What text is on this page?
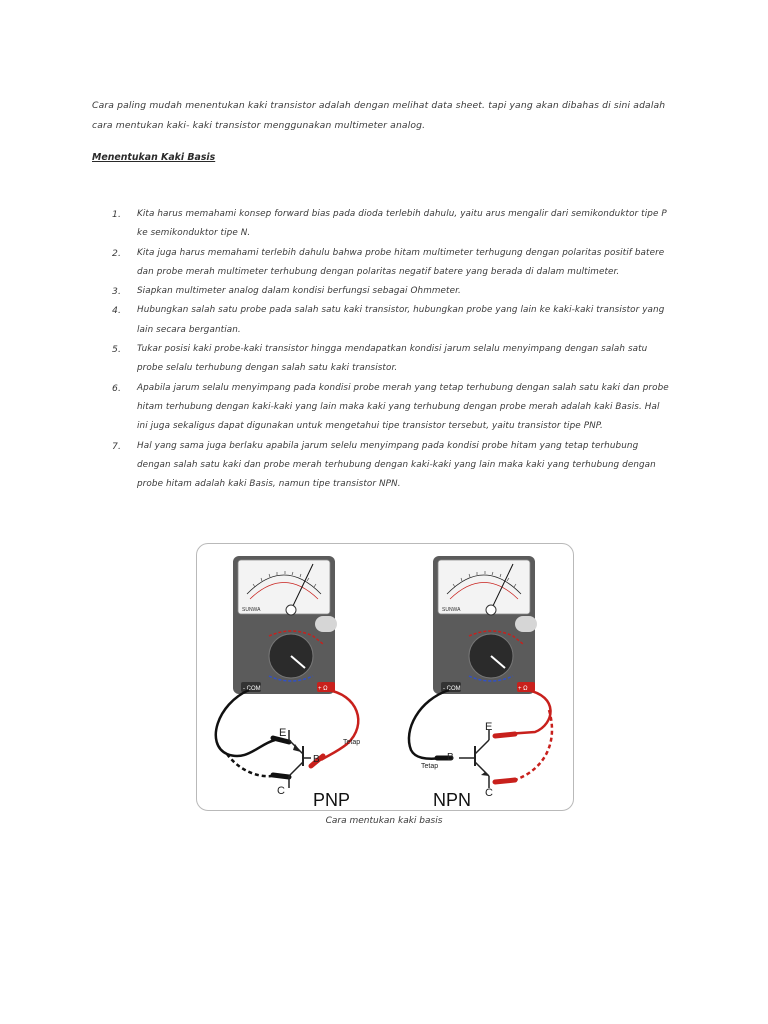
Cara paling mudah menentukan kaki transistor adalah dengan melihat data sheet. tapi yang akan dibahas di sini adalah cara mentukan kaki- kaki transistor menggunakan multimeter analog.

Menentukan Kaki Basis
1. Kita harus memahami konsep forward bias pada dioda terlebih dahulu, yaitu arus mengalir dari semikonduktor tipe P ke semikonduktor tipe N.
2. Kita juga harus memahami terlebih dahulu bahwa probe hitam multimeter terhugung dengan polaritas positif batere dan probe merah multimeter terhubung dengan polaritas negatif batere yang berada di dalam multimeter.
3. Siapkan multimeter analog dalam kondisi berfungsi sebagai Ohmmeter.
4. Hubungkan salah satu probe pada salah satu kaki transistor, hubungkan probe yang lain ke kaki-kaki transistor yang lain secara bergantian.
5. Tukar posisi kaki probe-kaki transistor hingga mendapatkan kondisi jarum selalu menyimpang dengan salah satu probe selalu terhubung dengan salah satu kaki transistor.
6. Apabila jarum selalu menyimpang pada kondisi probe merah yang tetap terhubung dengan salah satu kaki dan probe hitam terhubung dengan kaki-kaki yang lain maka kaki yang terhubung dengan probe merah adalah kaki Basis. Hal ini juga sekaligus dapat digunakan untuk mengetahui tipe transistor tersebut, yaitu transistor tipe PNP.
7. Hal yang sama juga berlaku apabila jarum selelu menyimpang pada kondisi probe hitam yang tetap terhubung dengan salah satu kaki dan probe merah terhubung dengan kaki-kaki yang lain maka kaki yang terhubung dengan probe hitam adalah kaki Basis, namun tipe transistor NPN.
SUNWA
- COM	+ Ω
Tetap
E
B
C PNP
SUNWA
- COM	+ Ω
Tetap
E
B
C
NPN
Cara mentukan kaki basis
